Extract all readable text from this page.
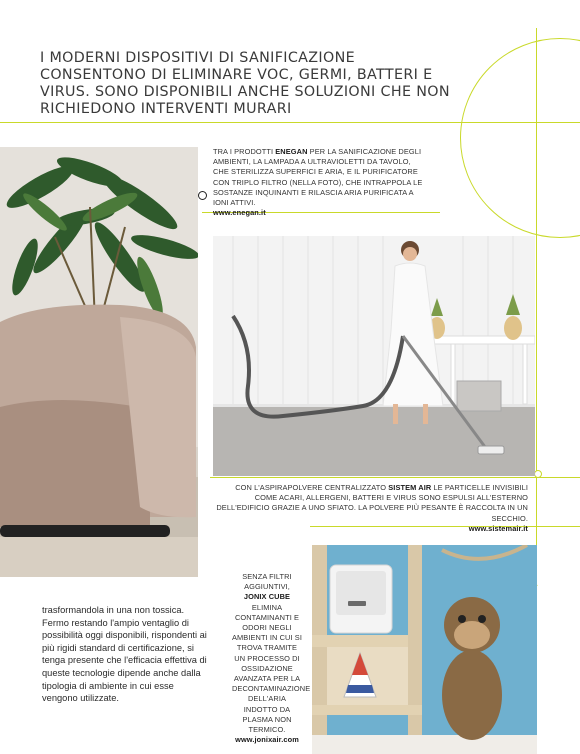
I MODERNI DISPOSITIVI DI SANIFICAZIONE CONSENTONO DI ELIMINARE VOC, GERMI, BATTERI E VIRUS. SONO DISPONIBILI ANCHE SOLUZIONI CHE NON RICHIEDONO INTERVENTI MURARI
TRA I PRODOTTI ENEGAN PER LA SANIFICAZIONE DEGLI AMBIENTI, LA LAMPADA A ULTRAVIOLETTI DA TAVOLO, CHE STERILIZZA SUPERFICI E ARIA, E IL PURIFICATORE CON TRIPLO FILTRO (NELLA FOTO), CHE INTRAPPOLA LE SOSTANZE INQUINANTI E RILASCIA ARIA PURIFICATA A IONI ATTIVI.
www.enegan.it
CON L'ASPIRAPOLVERE CENTRALIZZATO SISTEM AIR LE PARTICELLE INVISIBILI COME ACARI, ALLERGENI, BATTERI E VIRUS SONO ESPULSI ALL'ESTERNO DELL'EDIFICIO GRAZIE A UNO SFIATO. LA POLVERE PIÙ PESANTE È RACCOLTA IN UN SECCHIO.
www.sistemair.it
SENZA FILTRI AGGIUNTIVI, JONIX CUBE ELIMINA CONTAMINANTI E ODORI NEGLI AMBIENTI IN CUI SI TROVA TRAMITE UN PROCESSO DI OSSIDAZIONE AVANZATA PER LA DECONTAMINAZIONE DELL'ARIA INDOTTO DA PLASMA NON TERMICO.
www.jonixair.com
trasformandola in una non tossica. Fermo restando l'ampio ventaglio di possibilità oggi disponibili, rispondenti ai più rigidi standard di certificazione, si tenga presente che l'efficacia effettiva di queste tecnologie dipende anche dalla tipologia di ambiente in cui esse vengono utilizzate.
